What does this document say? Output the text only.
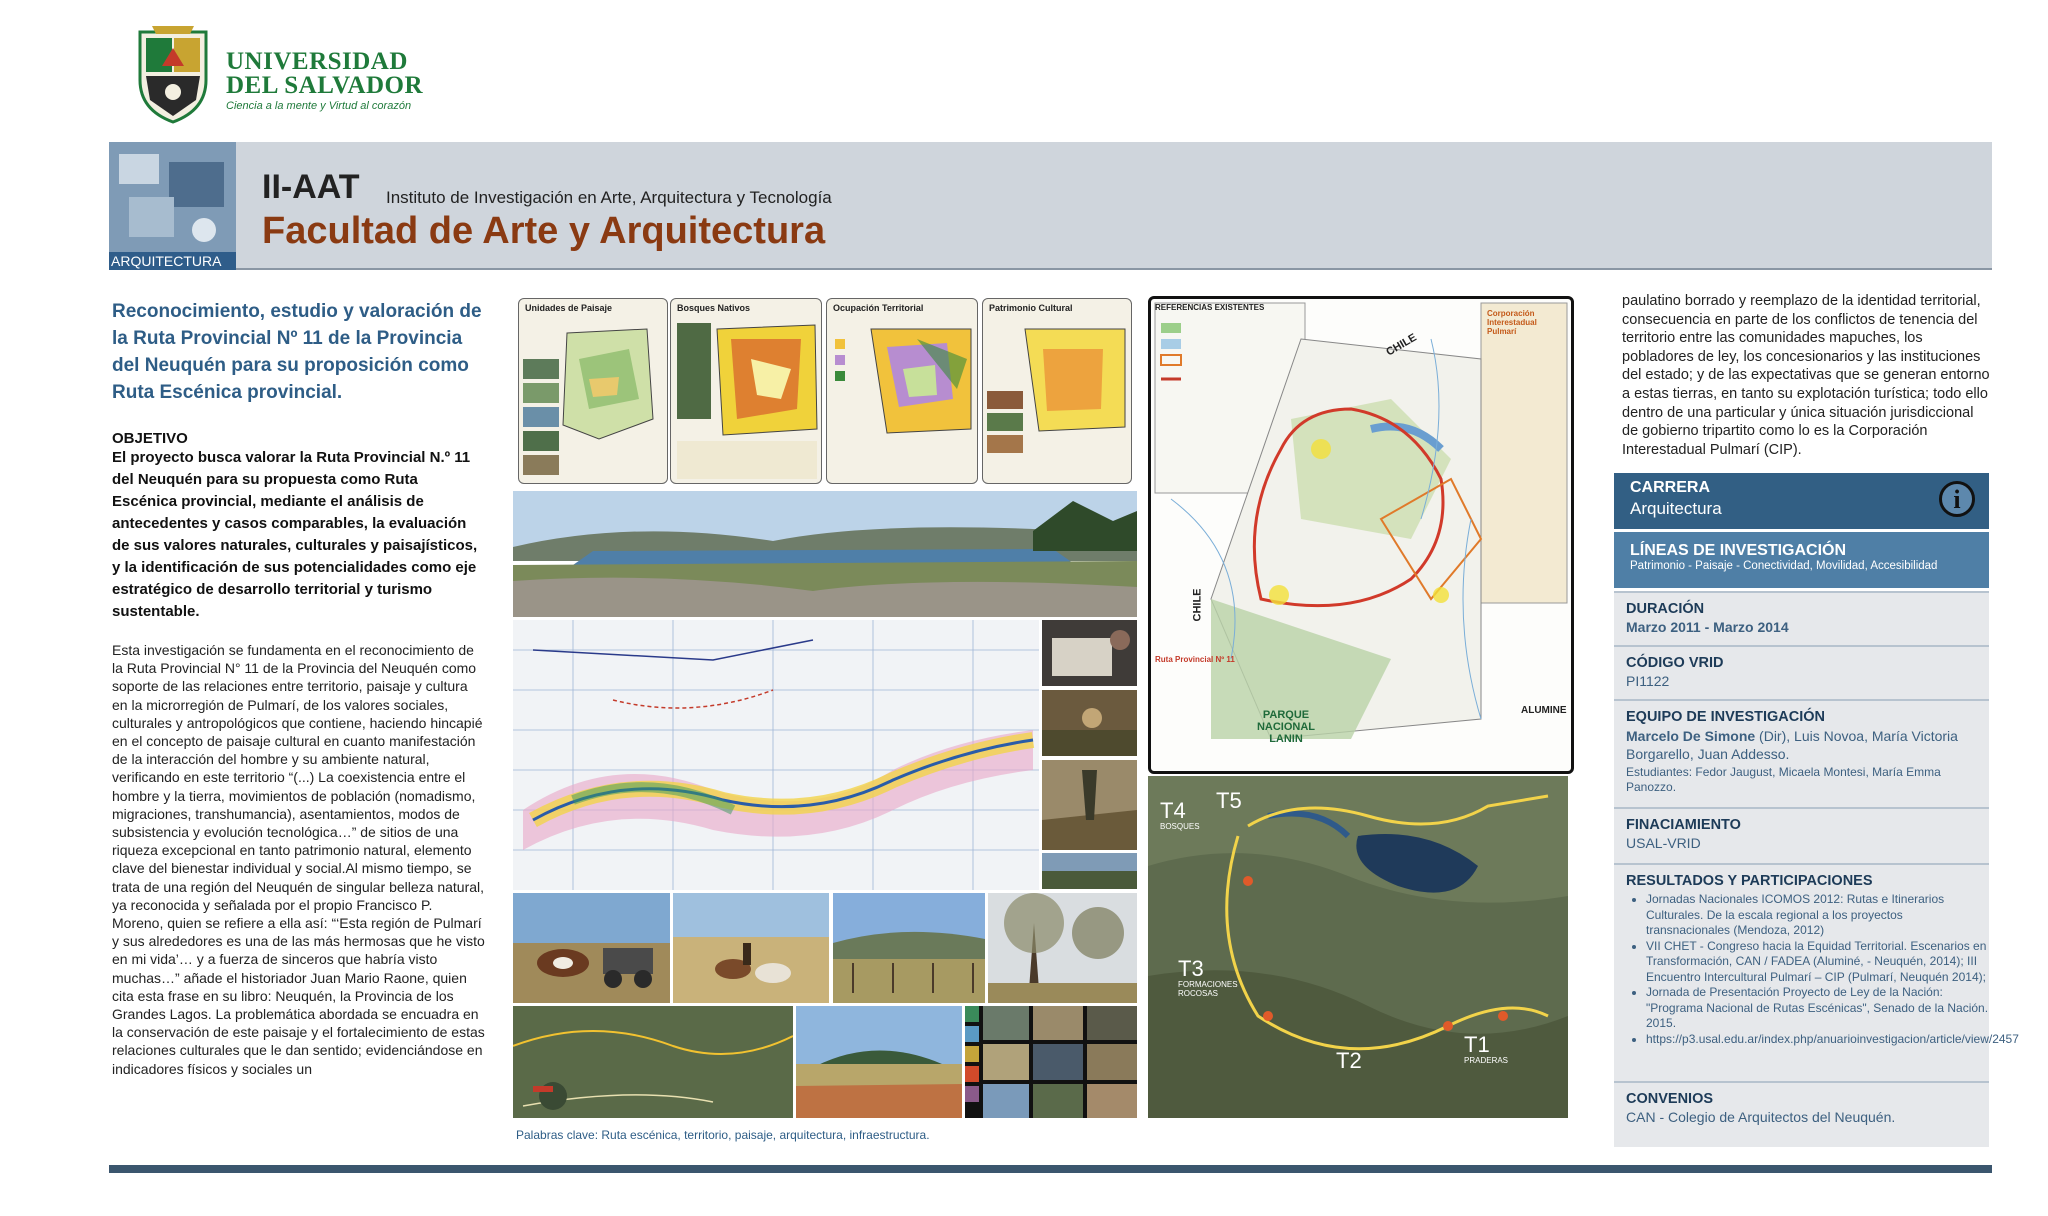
UNIVERSIDAD
DEL SALVADOR
Ciencia a la mente y Virtud al corazón
ARQUITECTURA
II-AAT Instituto de Investigación en Arte, Arquitectura y Tecnología
Facultad de Arte y Arquitectura
Reconocimiento, estudio y valoración de la Ruta Provincial Nº 11 de la Provincia del Neuquén para su proposición como Ruta Escénica provincial.
OBJETIVO
El proyecto busca valorar la Ruta Provincial N.º 11 del Neuquén para su propuesta como Ruta Escénica provincial, mediante el análisis de antecedentes y casos comparables, la evaluación de sus valores naturales, culturales y paisajísticos, y la identificación de sus potencialidades como eje estratégico de desarrollo territorial y turismo sustentable.
Esta investigación se fundamenta en el reconocimiento de la Ruta Provincial N° 11 de la Provincia del Neuquén como soporte de las relaciones entre territorio, paisaje y cultura en la microrregión de Pulmarí, de los valores sociales, culturales y antropológicos que contiene, haciendo hincapié en el concepto de paisaje cultural en cuanto manifestación de la interacción del hombre y su ambiente natural, verificando en este territorio “(...) La coexistencia entre el hombre y la tierra, movimientos de población (nomadismo, migraciones, transhumancia), asentamientos, modos de subsistencia y evolución tecnológica…” de sitios de una riqueza excepcional en tanto patrimonio natural, elemento clave del bienestar individual y social.Al mismo tiempo, se trata de una región del Neuquén de singular belleza natural, ya reconocida y señalada por el propio Francisco P. Moreno, quien se refiere a ella así: “‘Esta región de Pulmarí y sus alrededores es una de las más hermosas que he visto en mi vida’… y a fuerza de sinceros que habría visto muchas…” añade el historiador Juan Mario Raone, quien cita esta frase en su libro: Neuquén, la Provincia de los Grandes Lagos. La problemática abordada se encuadra en la conservación de este paisaje y el fortalecimiento de estas relaciones culturales que le dan sentido; evidenciándose en indicadores físicos y sociales un
Unidades de Paisaje	Bosques Nativos	Ocupación Territorial	Patrimonio Cultural
Palabras clave: Ruta escénica, territorio, paisaje, arquitectura, infraestructura.
REFERENCIAS EXISTENTES
CHILE
CHILE
PARQUE NACIONAL LANIN
ALUMINE
Ruta Provincial Nº 11
Corporación Interestadual Pulmarí
T4
BOSQUES
T5
T3
FORMACIONES ROCOSAS
T2
T1
PRADERAS
paulatino borrado y reemplazo de la identidad territorial, consecuencia en parte de los conflictos de tenencia del territorio entre las comunidades mapuches, los pobladores de ley, los concesionarios y las instituciones del estado; y de las expectativas que se generan entorno a estas tierras, en tanto su explotación turística; todo ello dentro de una particular y única situación jurisdiccional de gobierno tripartito como lo es la Corporación Interestadual Pulmarí (CIP).
CARRERA
Arquitectura	i
LÍNEAS DE INVESTIGACIÓN
Patrimonio - Paisaje - Conectividad, Movilidad, Accesibilidad
DURACIÓN
Marzo 2011 - Marzo 2014
CÓDIGO VRID
PI1122
EQUIPO DE INVESTIGACIÓN
Marcelo De Simone (Dir), Luis Novoa, María Victoria Borgarello, Juan Addesso.
Estudiantes: Fedor Jaugust, Micaela Montesi, María Emma Panozzo.
FINACIAMIENTO
USAL-VRID
RESULTADOS Y PARTICIPACIONES
• Jornadas Nacionales ICOMOS 2012: Rutas e Itinerarios Culturales. De la escala regional a los proyectos transnacionales (Mendoza, 2012)
• VII CHET - Congreso hacia la Equidad Territorial. Escenarios en Transformación, CAN / FADEA (Aluminé, - Neuquén, 2014); III Encuentro Intercultural Pulmarí – CIP (Pulmarí, Neuquén 2014);
• Jornada de Presentación Proyecto de Ley de la Nación: "Programa Nacional de Rutas Escénicas", Senado de la Nación. 2015.
• https://p3.usal.edu.ar/index.php/anuarioinvestigacion/article/view/2457
CONVENIOS
CAN - Colegio de Arquitectos del Neuquén.
